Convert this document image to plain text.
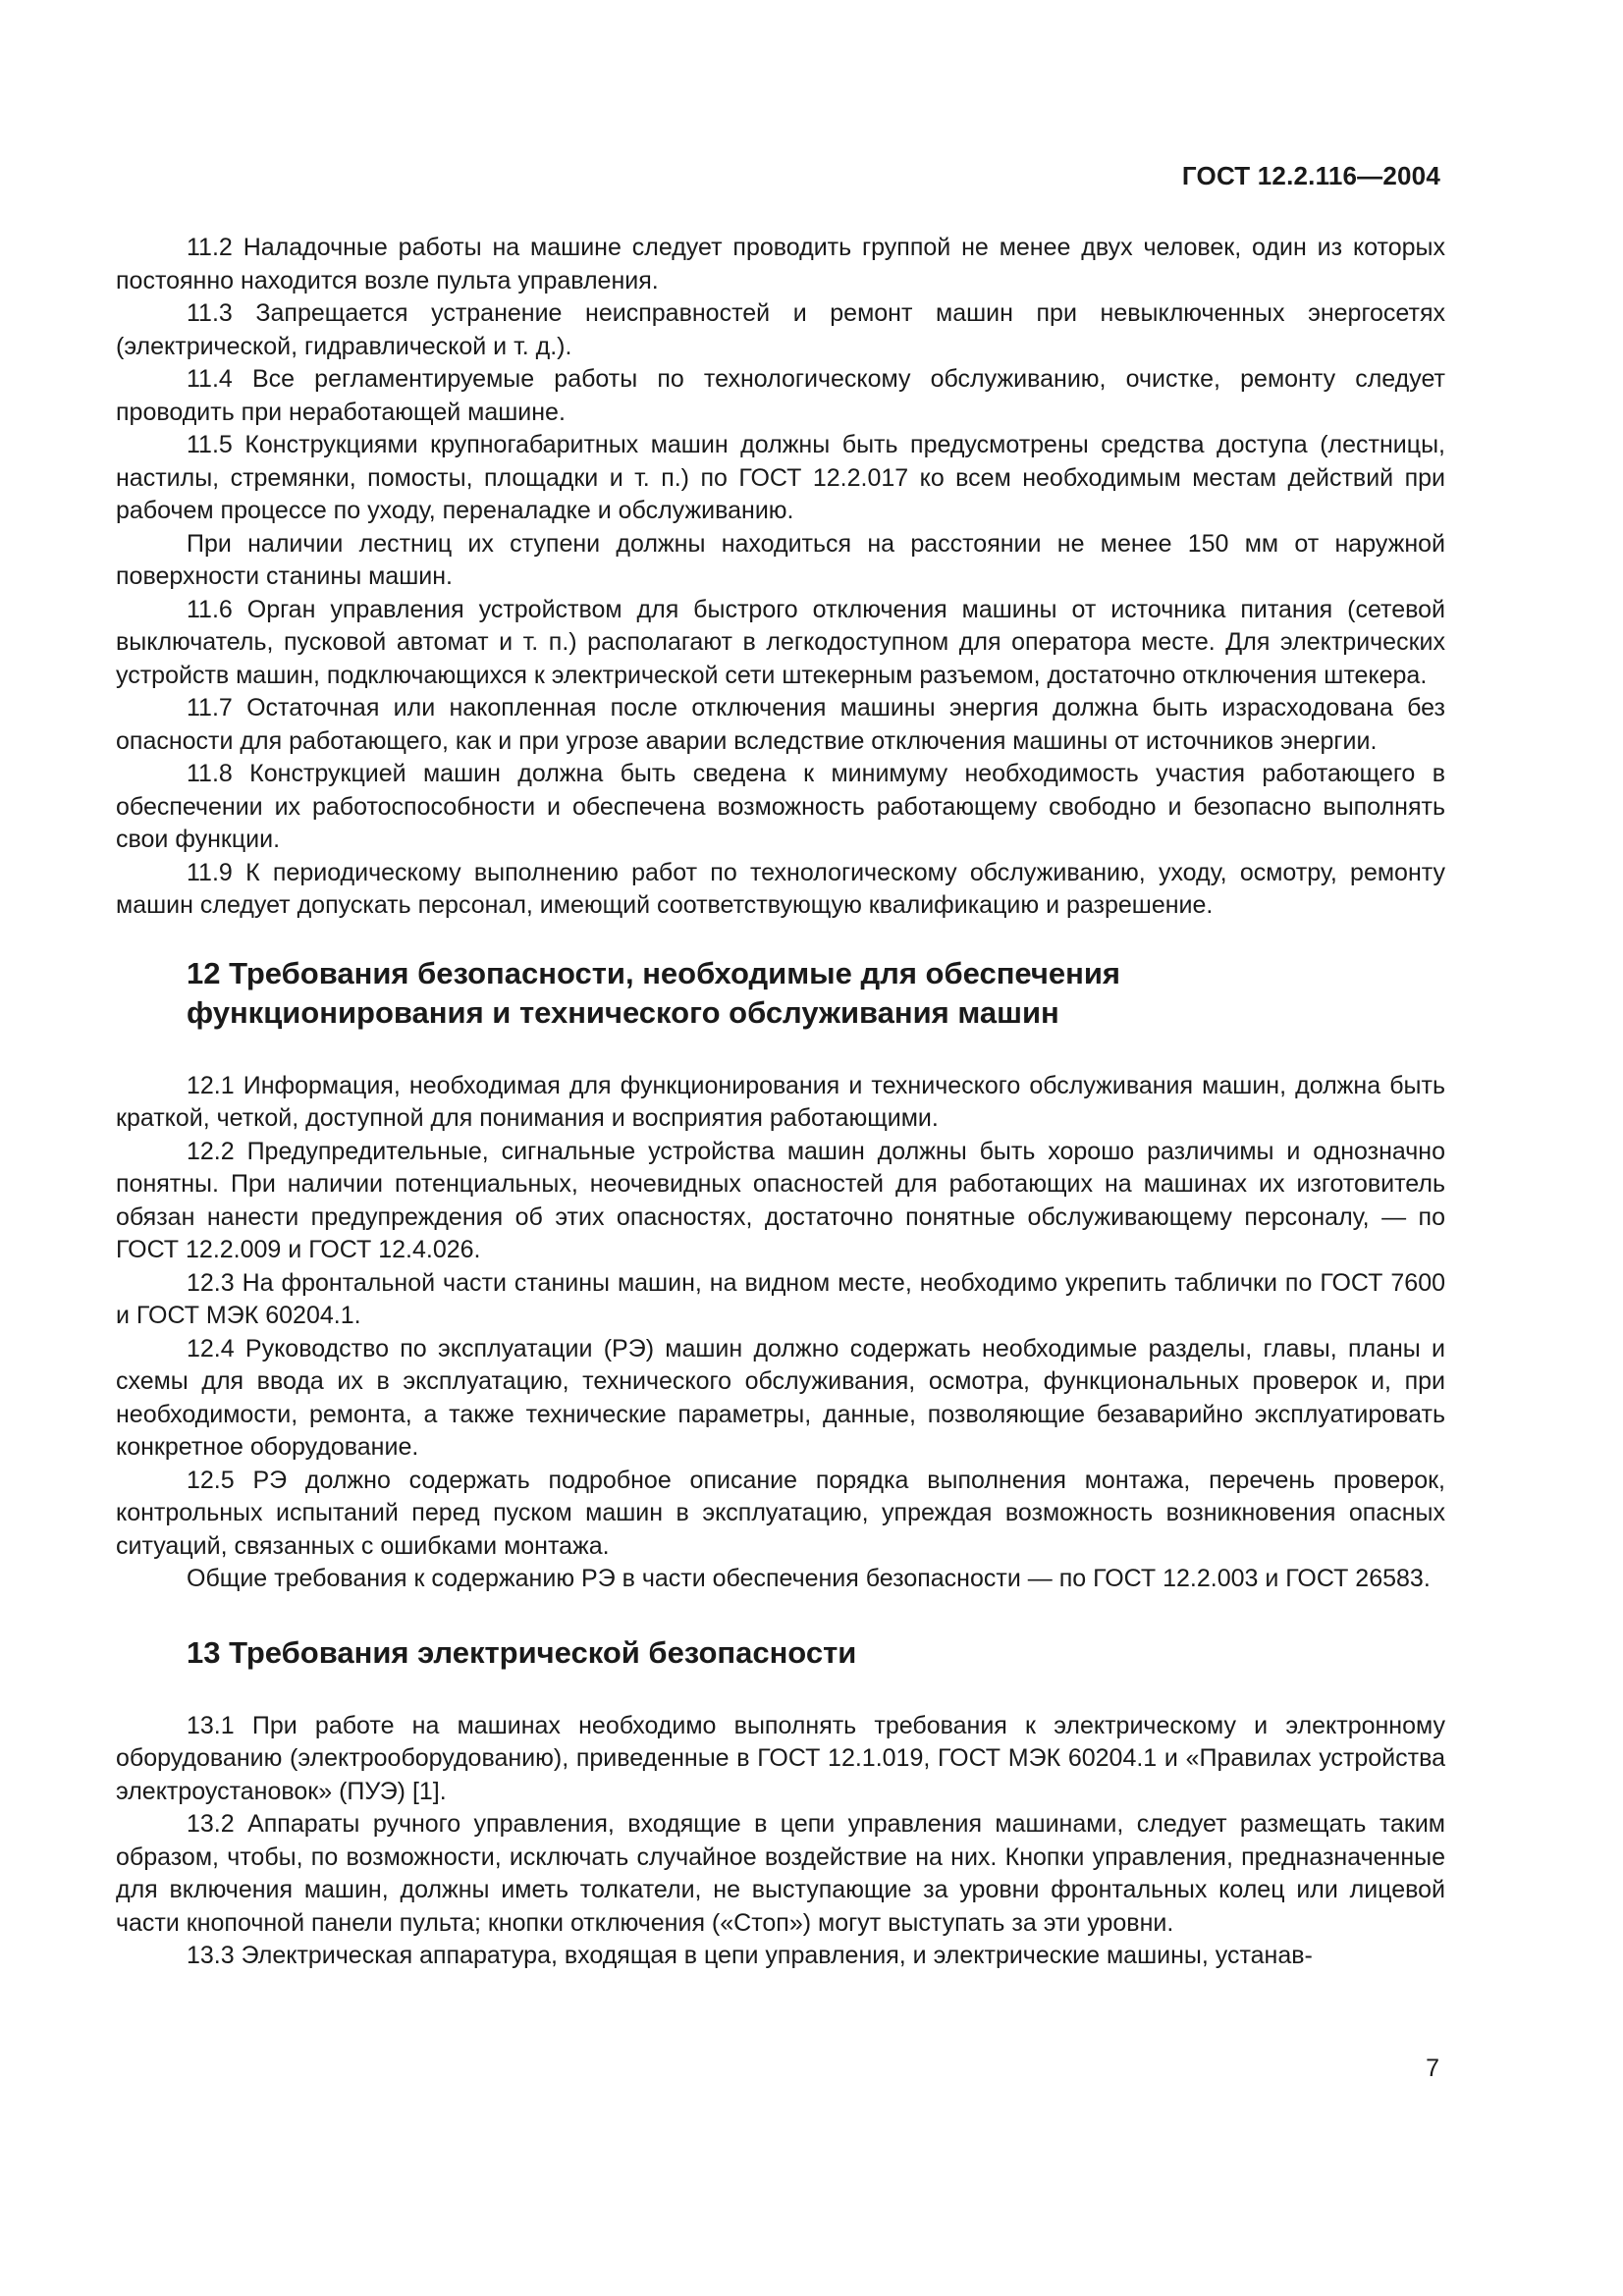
ГОСТ 12.2.116—2004

11.2 Наладочные работы на машине следует проводить группой не менее двух человек, один из которых постоянно находится возле пульта управления.

11.3 Запрещается устранение неисправностей и ремонт машин при невыключенных энергосетях (электрической, гидравлической и т. д.).

11.4 Все регламентируемые работы по технологическому обслуживанию, очистке, ремонту следует проводить при неработающей машине.

11.5 Конструкциями крупногабаритных машин должны быть предусмотрены средства доступа (лестницы, настилы, стремянки, помосты, площадки и т. п.) по ГОСТ 12.2.017 ко всем необходимым местам действий при рабочем процессе по уходу, переналадке и обслуживанию.

При наличии лестниц их ступени должны находиться на расстоянии не менее 150 мм от наружной поверхности станины машин.

11.6 Орган управления устройством для быстрого отключения машины от источника питания (сетевой выключатель, пусковой автомат и т. п.) располагают в легкодоступном для оператора месте. Для электрических устройств машин, подключающихся к электрической сети штекерным разъемом, достаточно отключения штекера.

11.7 Остаточная или накопленная после отключения машины энергия должна быть израсходована без опасности для работающего, как и при угрозе аварии вследствие отключения машины от источников энергии.

11.8 Конструкцией машин должна быть сведена к минимуму необходимость участия работающего в обеспечении их работоспособности и обеспечена возможность работающему свободно и безопасно выполнять свои функции.

11.9 К периодическому выполнению работ по технологическому обслуживанию, уходу, осмотру, ремонту машин следует допускать персонал, имеющий соответствующую квалификацию и разрешение.

12 Требования безопасности, необходимые для обеспечения
функционирования и технического обслуживания машин

12.1 Информация, необходимая для функционирования и технического обслуживания машин, должна быть краткой, четкой, доступной для понимания и восприятия работающими.

12.2 Предупредительные, сигнальные устройства машин должны быть хорошо различимы и однозначно понятны. При наличии потенциальных, неочевидных опасностей для работающих на машинах их изготовитель обязан нанести предупреждения об этих опасностях, достаточно понятные обслуживающему персоналу, — по ГОСТ 12.2.009 и ГОСТ 12.4.026.

12.3 На фронтальной части станины машин, на видном месте, необходимо укрепить таблички по ГОСТ 7600 и ГОСТ МЭК 60204.1.

12.4 Руководство по эксплуатации (РЭ) машин должно содержать необходимые разделы, главы, планы и схемы для ввода их в эксплуатацию, технического обслуживания, осмотра, функциональных проверок и, при необходимости, ремонта, а также технические параметры, данные, позволяющие безаварийно эксплуатировать конкретное оборудование.

12.5 РЭ должно содержать подробное описание порядка выполнения монтажа, перечень проверок, контрольных испытаний перед пуском машин в эксплуатацию, упреждая возможность возникновения опасных ситуаций, связанных с ошибками монтажа.

Общие требования к содержанию РЭ в части обеспечения безопасности — по ГОСТ 12.2.003 и ГОСТ 26583.

13 Требования электрической безопасности

13.1 При работе на машинах необходимо выполнять требования к электрическому и электронному оборудованию (электрооборудованию), приведенные в ГОСТ 12.1.019, ГОСТ МЭК 60204.1 и «Правилах устройства электроустановок» (ПУЭ) [1].

13.2 Аппараты ручного управления, входящие в цепи управления машинами, следует размещать таким образом, чтобы, по возможности, исключать случайное воздействие на них. Кнопки управления, предназначенные для включения машин, должны иметь толкатели, не выступающие за уровни фронтальных колец или лицевой части кнопочной панели пульта; кнопки отключения («Стоп») могут выступать за эти уровни.

13.3 Электрическая аппаратура, входящая в цепи управления, и электрические машины, устанав-

7
